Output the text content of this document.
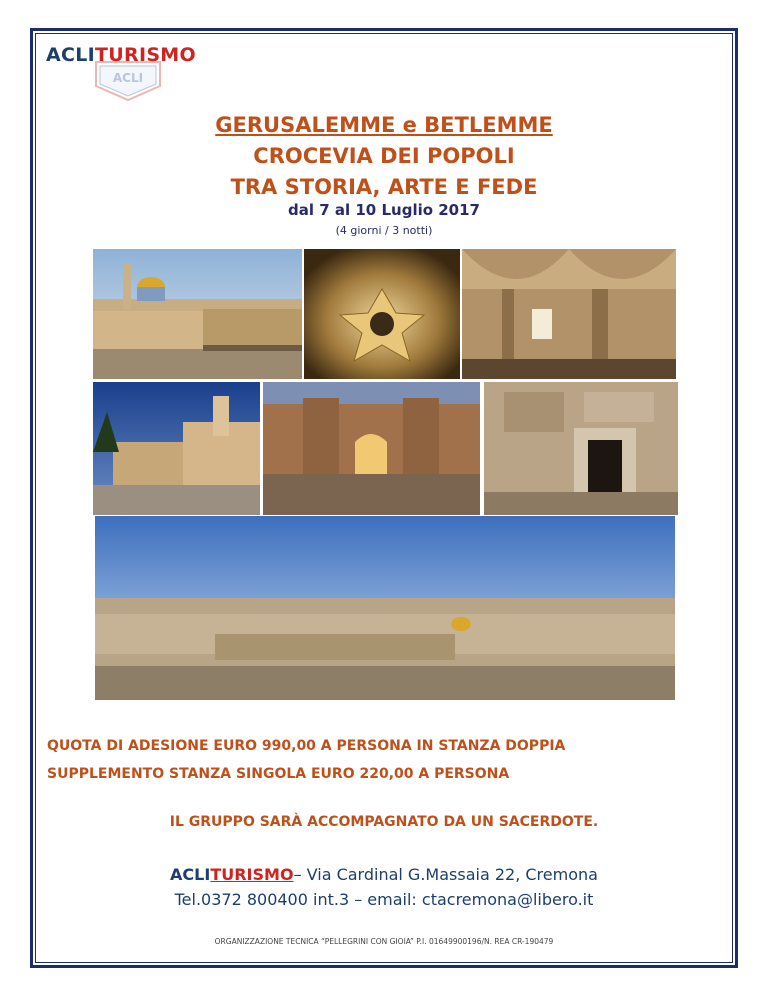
ACLI
ACLITURISMO
GERUSALEMME e BETLEMME
CROCEVIA DEI POPOLI
TRA STORIA, ARTE E FEDE
dal 7 al 10 Luglio 2017
(4 giorni / 3 notti)
QUOTA DI ADESIONE EURO 990,00 A PERSONA IN STANZA DOPPIA
SUPPLEMENTO STANZA SINGOLA EURO 220,00 A PERSONA
IL GRUPPO SARÀ ACCOMPAGNATO DA UN SACERDOTE.
ACLITURISMO– Via Cardinal G.Massaia 22, Cremona
Tel.0372 800400 int.3 – email: ctacremona@libero.it
ORGANIZZAZIONE TECNICA “PELLEGRINI CON GIOIA” P.I. 01649900196/N. REA CR-190479
